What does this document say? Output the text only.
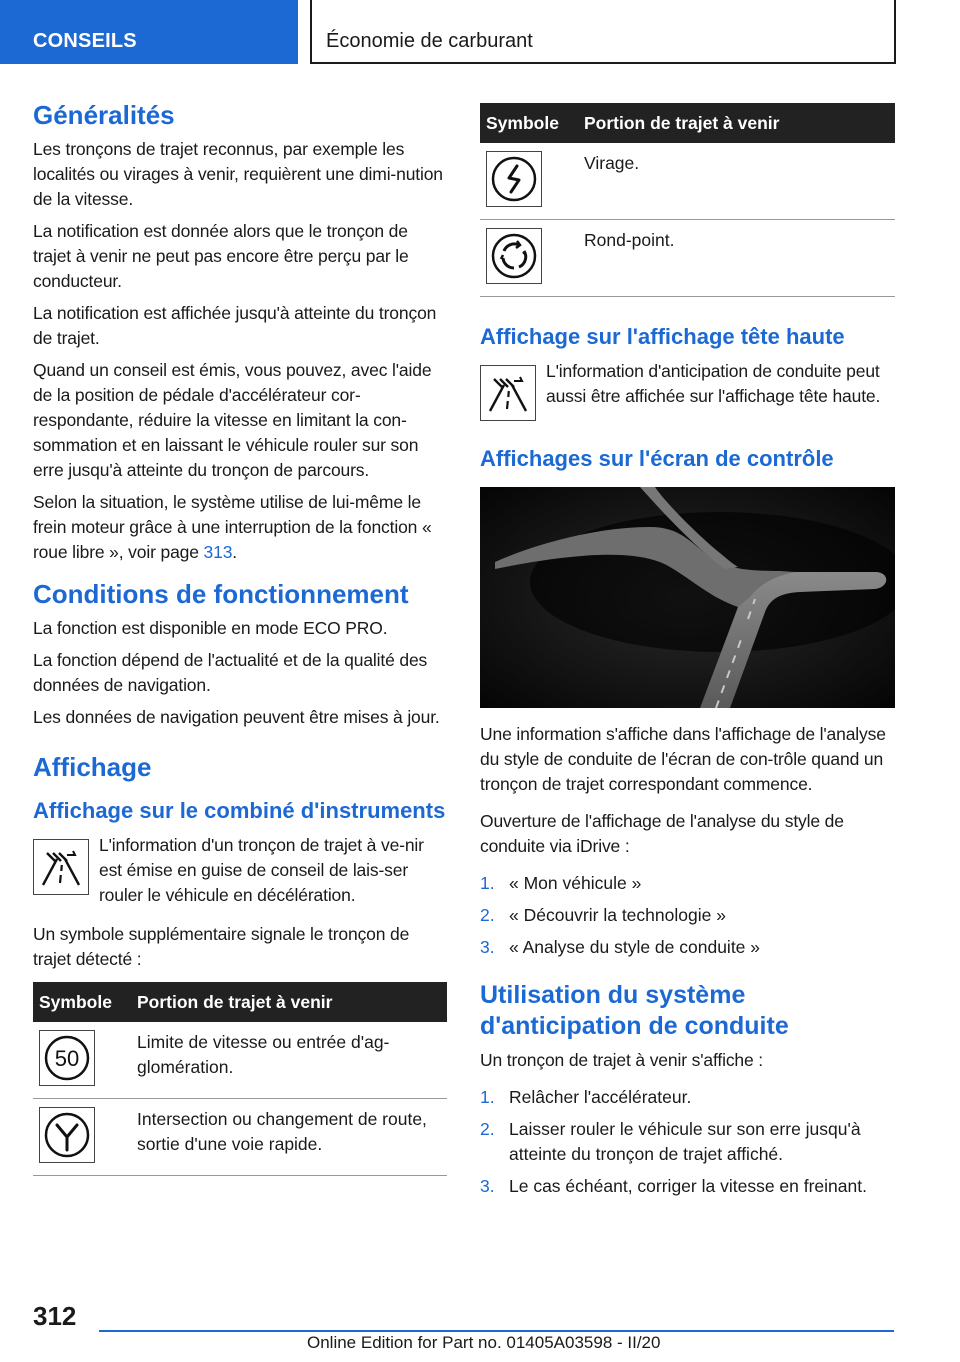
CONSEILS	Économie de carburant
Généralités

Les tronçons de trajet reconnus, par exemple les localités ou virages à venir, requièrent une dimi-nution de la vitesse.

La notification est donnée alors que le tronçon de trajet à venir ne peut pas encore être perçu par le conducteur.

La notification est affichée jusqu'à atteinte du tronçon de trajet.

Quand un conseil est émis, vous pouvez, avec l'aide de la position de pédale d'accélérateur cor-respondante, réduire la vitesse en limitant la con-sommation et en laissant le véhicule rouler sur son erre jusqu'à atteinte du tronçon de parcours.

Selon la situation, le système utilise de lui-même le frein moteur grâce à une interruption de la fonction « roue libre », voir page 313.

Conditions de fonctionnement

La fonction est disponible en mode ECO PRO.

La fonction dépend de l'actualité et de la qualité des données de navigation.

Les données de navigation peuvent être mises à jour.

Affichage
Affichage sur le combiné d'instruments

L'information d'un tronçon de trajet à ve-nir est émise en guise de conseil de lais-ser rouler le véhicule en décélération.

Un symbole supplémentaire signale le tronçon de trajet détecté :

Symbole	Portion de trajet à venir

50	Limite de vitesse ou entrée d'ag-glomération.

	Intersection ou changement de route, sortie d'une voie rapide.
Symbole	Portion de trajet à venir

	Virage.

	Rond-point.
Affichage sur l'affichage tête haute

L'information d'anticipation de conduite peut aussi être affichée sur l'affichage tête haute.

Affichages sur l'écran de contrôle

Une information s'affiche dans l'affichage de l'analyse du style de conduite de l'écran de con-trôle quand un tronçon de trajet correspondant commence.

Ouverture de l'affichage de l'analyse du style de conduite via iDrive :

1. « Mon véhicule »
2. « Découvrir la technologie »
3. « Analyse du style de conduite »
Utilisation du système d'anticipation de conduite

Un tronçon de trajet à venir s'affiche :

1. Relâcher l'accélérateur.
2. Laisser rouler le véhicule sur son erre jusqu'à atteinte du tronçon de trajet affiché.
3. Le cas échéant, corriger la vitesse en freinant.
312
Online Edition for Part no. 01405A03598 - II/20
